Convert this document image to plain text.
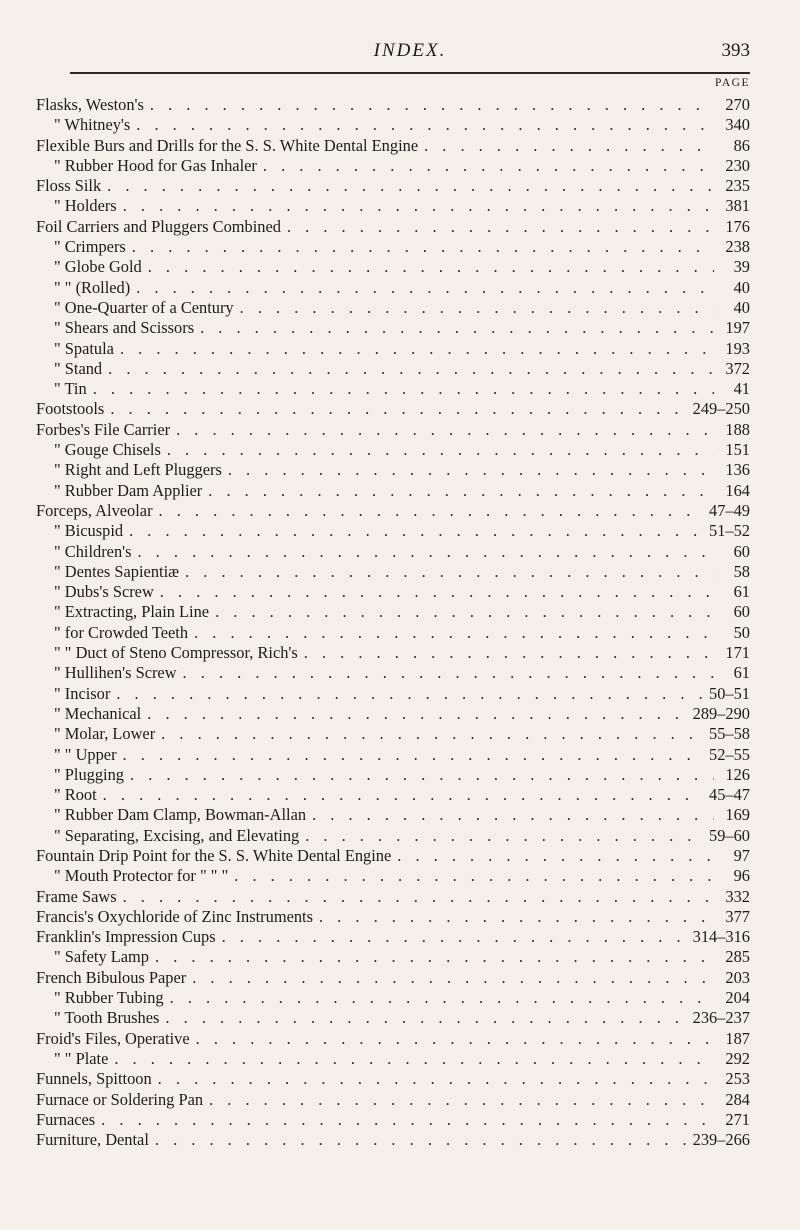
INDEX.	393
PAGE
Flasks, Weston's . . .	270
" Whitney's . . .	340
Flexible Burs and Drills for the S. S. White Dental Engine . . .	86
" Rubber Hood for Gas Inhaler . . .	230
Floss Silk . . .	235
" Holders . . .	381
Foil Carriers and Pluggers Combined . . .	176
" Crimpers . . .	238
" Globe Gold . . .	39
" " (Rolled) . . .	40
" One-Quarter of a Century . . .	40
" Shears and Scissors . . .	197
" Spatula . . .	193
" Stand . . .	372
" Tin . . .	41
Footstools . . .	249–250
Forbes's File Carrier . . .	188
" Gouge Chisels . . .	151
" Right and Left Pluggers . . .	136
" Rubber Dam Applier . . .	164
Forceps, Alveolar . . .	47–49
" Bicuspid . . .	51–52
" Children's . . .	60
" Dentes Sapientiæ . . .	58
" Dubs's Screw . . .	61
" Extracting, Plain Line . . .	60
" for Crowded Teeth . . .	50
" " Duct of Steno Compressor, Rich's . . .	171
" Hullihen's Screw . . .	61
" Incisor . . .	50–51
" Mechanical . . .	289–290
" Molar, Lower . . .	55–58
" " Upper . . .	52–55
" Plugging . . .	126
" Root . . .	45–47
" Rubber Dam Clamp, Bowman-Allan . . .	169
" Separating, Excising, and Elevating . . .	59–60
Fountain Drip Point for the S. S. White Dental Engine . . .	97
" Mouth Protector for " " " . . .	96
Frame Saws . . .	332
Francis's Oxychloride of Zinc Instruments . . .	377
Franklin's Impression Cups . . .	314–316
" Safety Lamp . . .	285
French Bibulous Paper . . .	203
" Rubber Tubing . . .	204
" Tooth Brushes . . .	236–237
Froid's Files, Operative . . .	187
" " Plate . . .	292
Funnels, Spittoon . . .	253
Furnace or Soldering Pan . . .	284
Furnaces . . .	271
Furniture, Dental . . .	239–266
